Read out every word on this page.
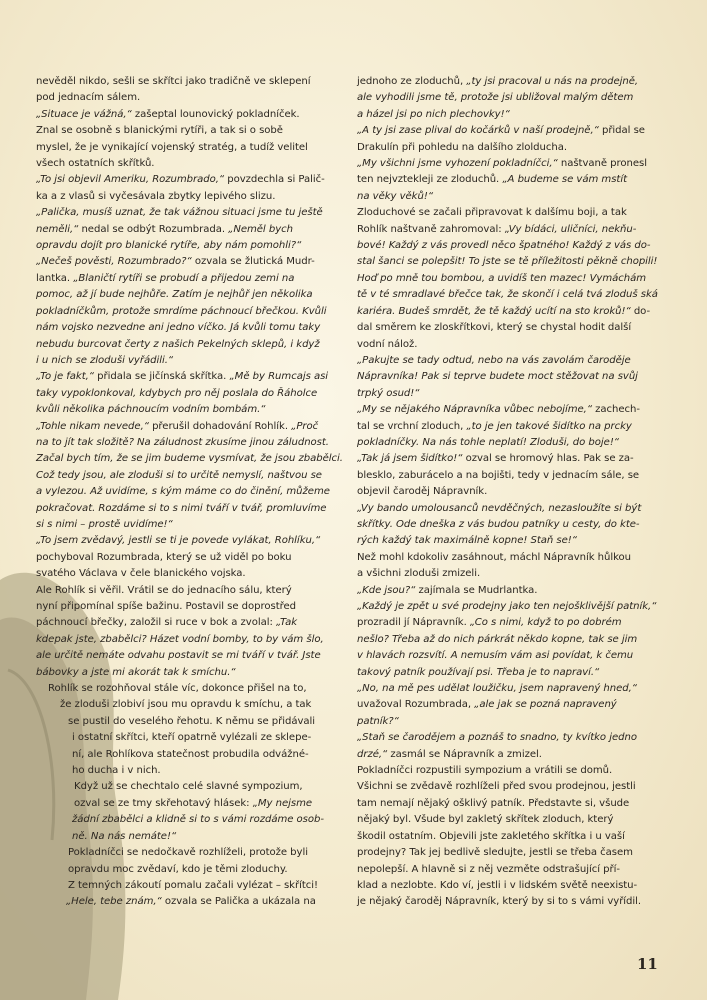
nevěděl nikdo, sešli se skřítci jako tradičně ve sklepení

pod jednacím sálem.

„Situace je vážná,“ zašeptal lounovický pokladníček.

Znal se osobně s blanickými rytíři, a tak si o sobě

myslel, že je vynikající vojenský stratég, a tudíž velitel

všech ostatních skřítků.

„To jsi objevil Ameriku, Rozumbrado,“ povzdechla si Palič-

ka a z vlasů si vyčesávala zbytky lepivého slizu.

„Palička, musíš uznat, že tak vážnou situaci jsme tu ještě

neměli,“ nedal se odbýt Rozumbrada. „Neměl bych

opravdu dojít pro blanické rytíře, aby nám pomohli?“

„Nečeš pověsti, Rozumbrado?“ ozvala se žlutická Mudr-

lantka. „Blaničtí rytíři se probudí a přijedou zemi na

pomoc, až jí bude nejhůře. Zatím je nejhůř jen několika

pokladníčkům, protože smrdíme páchnoucí břečkou. Kvůli

nám vojsko nezvedne ani jedno víčko. Já kvůli tomu taky

nebudu burcovat čerty z našich Pekelných sklepů, i když

i u nich se zloduši vyřádili.“

„To je fakt,“ přidala se jičínská skřítka. „Mě by Rumcajs asi

taky vypoklonkoval, kdybych pro něj poslala do Řáholce

kvůli několika páchnoucím vodním bombám.“

„Tohle nikam nevede,“ přerušil dohadování Rohlík. „Proč

na to jít tak složitě? Na záludnost zkusíme jinou záludnost.

Začal bych tím, že se jim budeme vysmívat, že jsou zbabělci.

Což tedy jsou, ale zloduši si to určitě nemyslí, naštvou se

a vylezou. Až uvidíme, s kým máme co do činění, můžeme

pokračovat. Rozdáme si to s nimi tváří v tvář, promluvíme

si s nimi – prostě uvidíme!“

„To jsem zvědavý, jestli se ti je povede vylákat, Rohlíku,“

pochyboval Rozumbrada, který se už viděl po boku

svatého Václava v čele blanického vojska.

Ale Rohlík si věřil. Vrátil se do jednacího sálu, který

nyní připomínal spíše bažinu. Postavil se doprostřed

páchnoucí břečky, založil si ruce v bok a zvolal: „Tak

kdepak jste, zbabělci? Házet vodní bomby, to by vám šlo,

ale určitě nemáte odvahu postavit se mi tváří v tvář. Jste

bábovky a jste mi akorát tak k smíchu.“

Rohlík se rozohňoval stále víc, dokonce přišel na to,

že zloduši zlobiví jsou mu opravdu k smíchu, a tak

se pustil do veselého řehotu. K němu se přidávali

i ostatní skřítci, kteří opatrně vylézali ze sklepe-

ní, ale Rohlíkova statečnost probudila odvážné-

ho ducha i v nich.

Když už se chechtalo celé slavné sympozium,

ozval se ze tmy skřehotavý hlásek: „My nejsme

žádní zbabělci a klidně si to s vámi rozdáme osob-

ně. Na nás nemáte!“

Pokladníčci se nedočkavě rozhlíželi, protože byli

opravdu moc zvědaví, kdo je těmi zloduchy.

Z temných zákoutí pomalu začali vylézat – skřítci!

„Hele, tebe znám,“ ozvala se Palička a ukázala na

jednoho ze zloduchů, „ty jsi pracoval u nás na prodejně,

ale vyhodili jsme tě, protože jsi ubližoval malým dětem

a házel jsi po nich plechovky!“

„A ty jsi zase plival do kočárků v naší prodejně,“ přidal se

Drakulín při pohledu na dalšího zlolducha.

„My všichni jsme vyhození pokladníčci,“ naštvaně pronesl

ten nejvztekleji ze zloduchů. „A budeme se vám mstít

na věky věků!“

Zloduchové se začali připravovat k dalšímu boji, a tak

Rohlík naštvaně zahromoval: „Vy bídáci, uličníci, nekňu-

bové! Každý z vás provedl něco špatného! Každý z vás do-

stal šanci se polepšit! To jste se tě příležitosti pěkně chopili!

Hoď po mně tou bombou, a uvidíš ten mazec! Vymáchám

tě v té smradlavé břečce tak, že skončí i celá tvá zloduš ská

kariéra. Budeš smrdět, že tě každý ucítí na sto kroků!“ do-

dal směrem ke zloskřítkovi, který se chystal hodit další

vodní nálož.

„Pakujte se tady odtud, nebo na vás zavolám čaroděje

Nápravníka! Pak si teprve budete moct stěžovat na svůj

trpký osud!“

„My se nějakého Nápravníka vůbec nebojíme,“ zachech-

tal se vrchní zloduch, „to je jen takové šidítko na prcky

pokladníčky. Na nás tohle neplatí! Zloduši, do boje!“

„Tak já jsem šidítko!“ ozval se hromový hlas. Pak se za-

blesklo, zaburácelo a na bojišti, tedy v jednacím sále, se

objevil čaroděj Nápravník.

„Vy bando umolousanců nevděčných, nezasloužíte si být

skřítky. Ode dneška z vás budou patníky u cesty, do kte-

rých každý tak maximálně kopne! Staň se!“

Než mohl kdokoliv zasáhnout, máchl Nápravník hůlkou

a všichni zloduši zmizeli.

„Kde jsou?“ zajímala se Mudrlantka.

„Každý je zpět u své prodejny jako ten nejošklivější patník,“

prozradil jí Nápravník. „Co s nimi, když to po dobrém

nešlo? Třeba až do nich párkrát někdo kopne, tak se jim

v hlavách rozsvítí. A nemusím vám asi povídat, k čemu

takový patník používají psi. Třeba je to napraví.“

„No, na mě pes udělat loužičku, jsem napravený hned,“

uvažoval Rozumbrada, „ale jak se pozná napravený

patník?“

„Staň se čarodějem a poznáš to snadno, ty kvítko jedno

drzé,“ zasmál se Nápravník a zmizel.

Pokladníčci rozpustili sympozium a vrátili se domů.

Všichni se zvědavě rozhlíželi před svou prodejnou, jestli

tam nemají nějaký ošklivý patník. Představte si, všude

nějaký byl. Všude byl zakletý skřítek zloduch, který

škodil ostatním. Objevili jste zakletého skřítka i u vaší

prodejny? Tak jej bedlivě sledujte, jestli se třeba časem

nepolepší. A hlavně si z něj vezměte odstrašující pří-

klad a nezlobte. Kdo ví, jestli i v lidském světě neexistu-

je nějaký čaroděj Nápravník, který by si to s vámi vyřídil.

11
